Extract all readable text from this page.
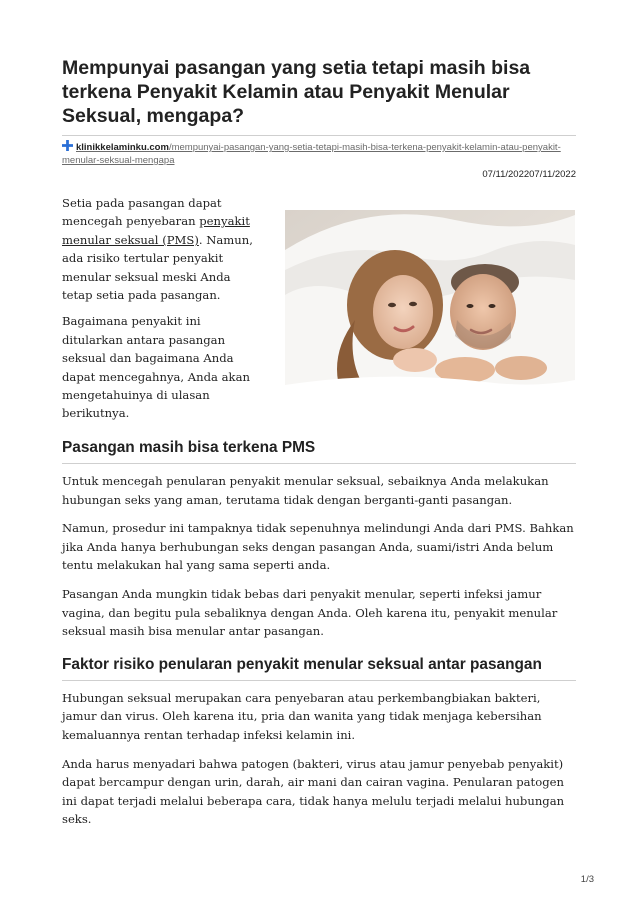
Mempunyai pasangan yang setia tetapi masih bisa terkena Penyakit Kelamin atau Penyakit Menular Seksual, mengapa?
klinikkelaminku.com/mempunyai-pasangan-yang-setia-tetapi-masih-bisa-terkena-penyakit-kelamin-atau-penyakit-menular-seksual-mengapa
07/11/202207/11/2022

Setia pada pasangan dapat mencegah penyebaran penyakit menular seksual (PMS). Namun, ada risiko tertular penyakit menular seksual meski Anda tetap setia pada pasangan.

Bagaimana penyakit ini ditularkan antara pasangan seksual dan bagaimana Anda dapat mencegahnya, Anda akan mengetahuinya di ulasan berikutnya.

Pasangan masih bisa terkena PMS

Untuk mencegah penularan penyakit menular seksual, sebaiknya Anda melakukan hubungan seks yang aman, terutama tidak dengan berganti-ganti pasangan.

Namun, prosedur ini tampaknya tidak sepenuhnya melindungi Anda dari PMS. Bahkan jika Anda hanya berhubungan seks dengan pasangan Anda, suami/istri Anda belum tentu melakukan hal yang sama seperti anda.

Pasangan Anda mungkin tidak bebas dari penyakit menular, seperti infeksi jamur vagina, dan begitu pula sebaliknya dengan Anda. Oleh karena itu, penyakit menular seksual masih bisa menular antar pasangan.

Faktor risiko penularan penyakit menular seksual antar pasangan

Hubungan seksual merupakan cara penyebaran atau perkembangbiakan bakteri, jamur dan virus. Oleh karena itu, pria dan wanita yang tidak menjaga kebersihan kemaluannya rentan terhadap infeksi kelamin ini.

Anda harus menyadari bahwa patogen (bakteri, virus atau jamur penyebab penyakit) dapat bercampur dengan urin, darah, air mani dan cairan vagina. Penularan patogen ini dapat terjadi melalui beberapa cara, tidak hanya melulu terjadi melalui hubungan seks.

1/3
